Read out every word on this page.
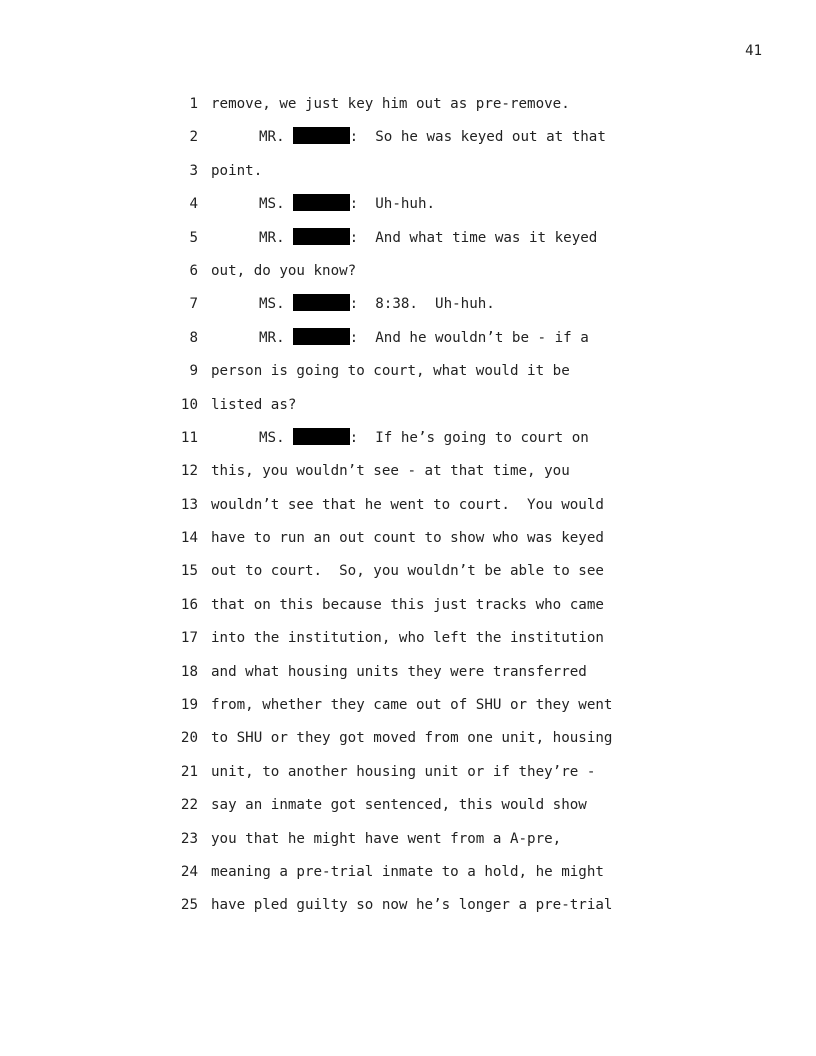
41
1 remove, we just key him out as pre-remove.
2	MR.	:  So he was keyed out at that
3 point.
4	MS.	:  Uh-huh.
5	MR.	:  And what time was it keyed
6 out, do you know?
7	MS.	:  8:38.  Uh-huh.
8	MR.	:  And he wouldn’t be - if a
9 person is going to court, what would it be
10 listed as?
11	MS.	:  If he’s going to court on
12 this, you wouldn’t see - at that time, you
13 wouldn’t see that he went to court.  You would
14 have to run an out count to show who was keyed
15 out to court.  So, you wouldn’t be able to see
16 that on this because this just tracks who came
17 into the institution, who left the institution
18 and what housing units they were transferred
19 from, whether they came out of SHU or they went
20 to SHU or they got moved from one unit, housing
21 unit, to another housing unit or if they’re -
22 say an inmate got sentenced, this would show
23 you that he might have went from a A-pre,
24 meaning a pre-trial inmate to a hold, he might
25 have pled guilty so now he’s longer a pre-trial
